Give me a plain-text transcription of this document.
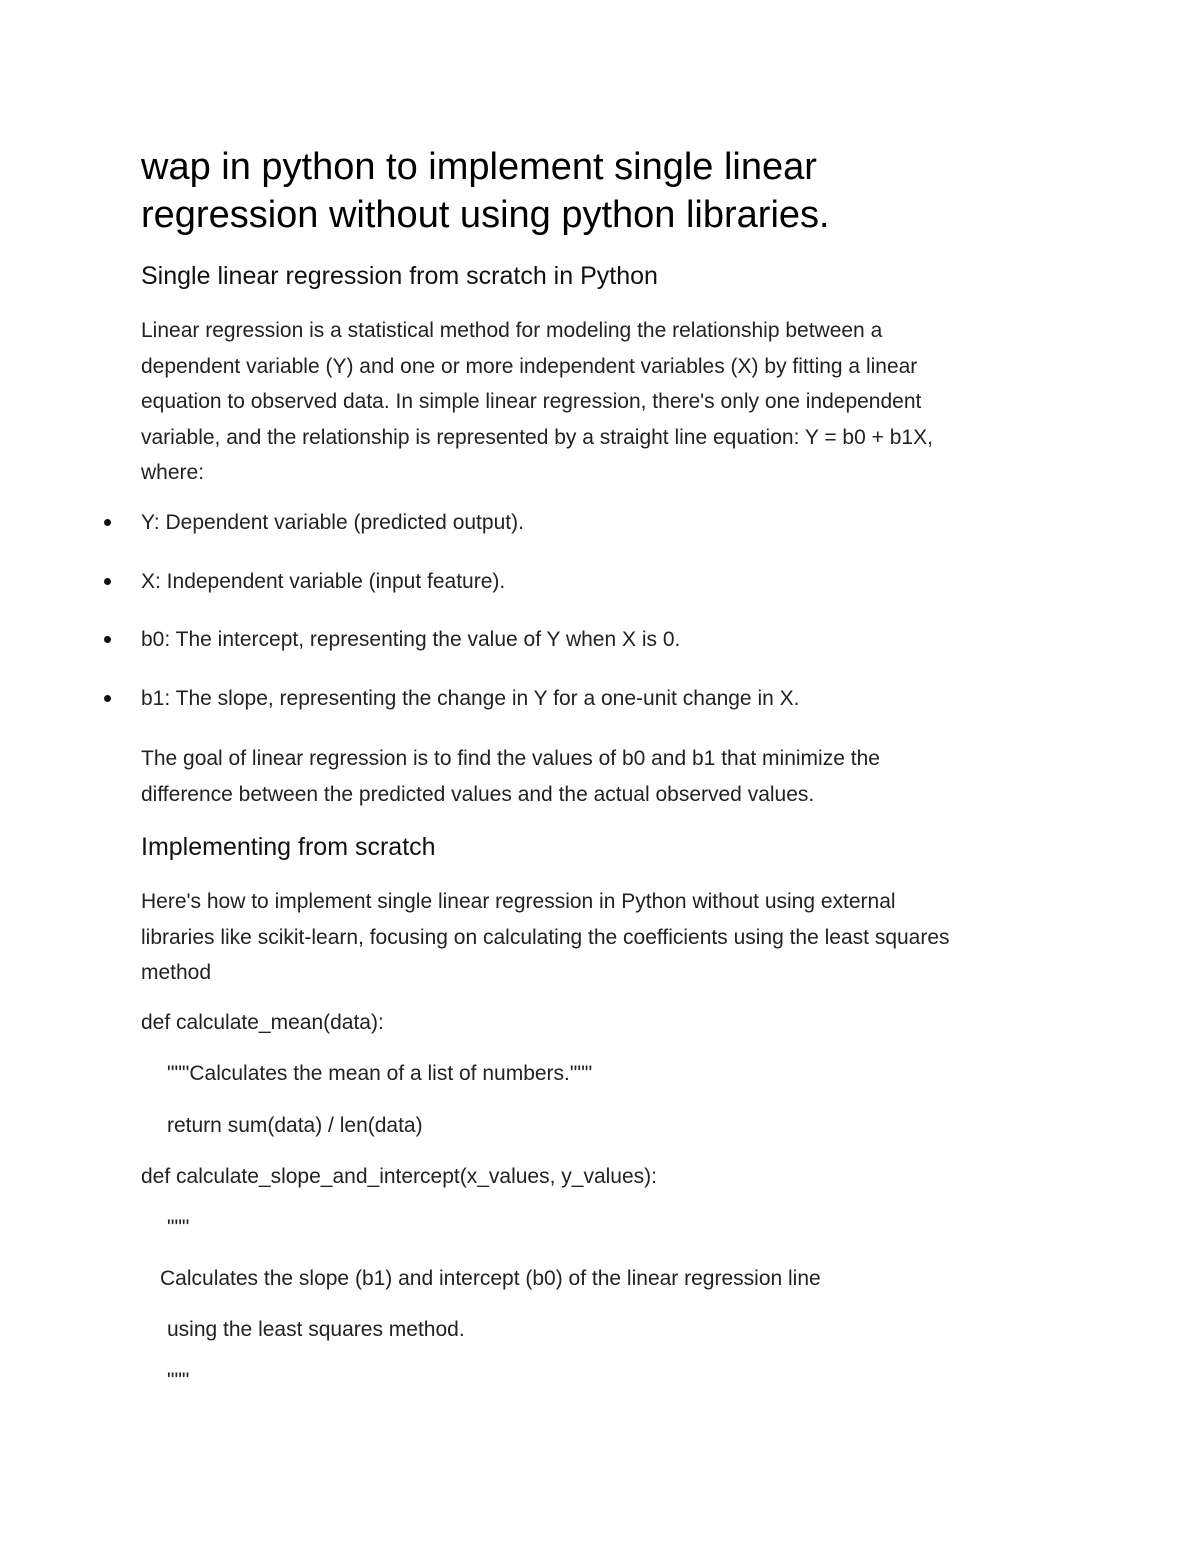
wap in python to implement single linear
regression without using python libraries.
Single linear regression from scratch in Python
Linear regression is a statistical method for modeling the relationship between a
dependent variable (Y) and one or more independent variables (X) by fitting a linear
equation to observed data. In simple linear regression, there's only one independent
variable, and the relationship is represented by a straight line equation: Y = b0 + b1X,
where:
Y: Dependent variable (predicted output).
X: Independent variable (input feature).
b0: The intercept, representing the value of Y when X is 0.
b1: The slope, representing the change in Y for a one-unit change in X.
The goal of linear regression is to find the values of b0 and b1 that minimize the
difference between the predicted values and the actual observed values.
Implementing from scratch
Here's how to implement single linear regression in Python without using external
libraries like scikit-learn, focusing on calculating the coefficients using the least squares
method
def calculate_mean(data):
"""Calculates the mean of a list of numbers."""
return sum(data) / len(data)
def calculate_slope_and_intercept(x_values, y_values):
"""
Calculates the slope (b1) and intercept (b0) of the linear regression line
using the least squares method.
"""
